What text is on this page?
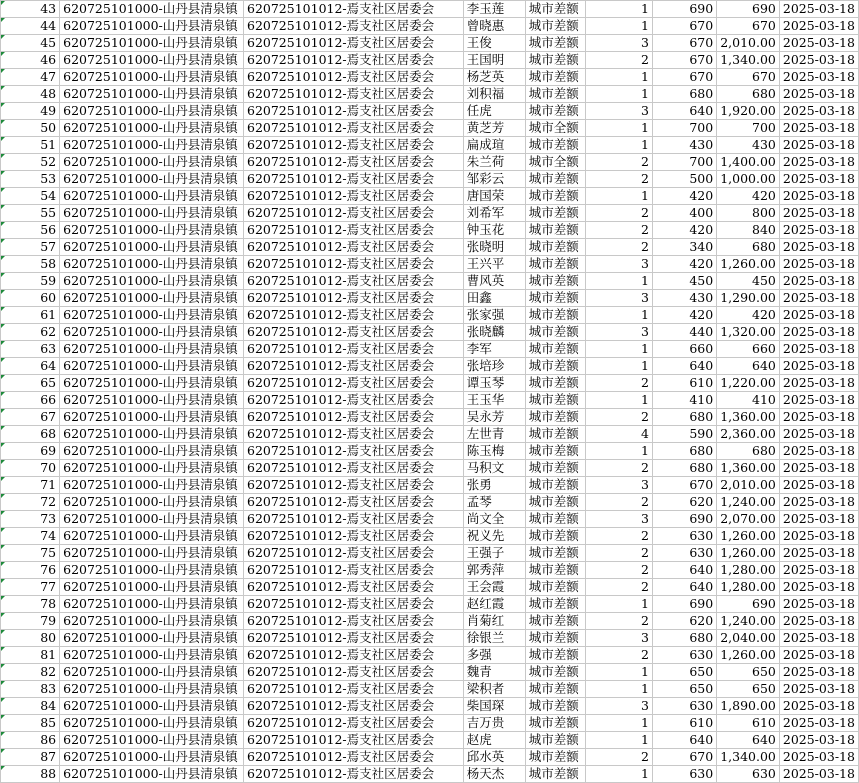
43	620725101000-山丹县清泉镇	620725101012-焉支社区居委会	李玉莲	城市差额	1	690	690	2025-03-18

44	620725101000-山丹县清泉镇	620725101012-焉支社区居委会	曾晓惠	城市差额	1	670	670	2025-03-18

45	620725101000-山丹县清泉镇	620725101012-焉支社区居委会	王俊	城市差额	3	670	2,010.00	2025-03-18

46	620725101000-山丹县清泉镇	620725101012-焉支社区居委会	王国明	城市差额	2	670	1,340.00	2025-03-18

47	620725101000-山丹县清泉镇	620725101012-焉支社区居委会	杨芝英	城市差额	1	670	670	2025-03-18

48	620725101000-山丹县清泉镇	620725101012-焉支社区居委会	刘积福	城市差额	1	680	680	2025-03-18

49	620725101000-山丹县清泉镇	620725101012-焉支社区居委会	任虎	城市差额	3	640	1,920.00	2025-03-18

50	620725101000-山丹县清泉镇	620725101012-焉支社区居委会	黄芝芳	城市全额	1	700	700	2025-03-18

51	620725101000-山丹县清泉镇	620725101012-焉支社区居委会	扁成瑄	城市差额	1	430	430	2025-03-18

52	620725101000-山丹县清泉镇	620725101012-焉支社区居委会	朱兰荷	城市全额	2	700	1,400.00	2025-03-18

53	620725101000-山丹县清泉镇	620725101012-焉支社区居委会	邹彩云	城市差额	2	500	1,000.00	2025-03-18

54	620725101000-山丹县清泉镇	620725101012-焉支社区居委会	唐国荣	城市差额	1	420	420	2025-03-18

55	620725101000-山丹县清泉镇	620725101012-焉支社区居委会	刘希军	城市差额	2	400	800	2025-03-18

56	620725101000-山丹县清泉镇	620725101012-焉支社区居委会	钟玉花	城市差额	2	420	840	2025-03-18

57	620725101000-山丹县清泉镇	620725101012-焉支社区居委会	张晓明	城市差额	2	340	680	2025-03-18

58	620725101000-山丹县清泉镇	620725101012-焉支社区居委会	王兴平	城市差额	3	420	1,260.00	2025-03-18

59	620725101000-山丹县清泉镇	620725101012-焉支社区居委会	曹风英	城市差额	1	450	450	2025-03-18

60	620725101000-山丹县清泉镇	620725101012-焉支社区居委会	田鑫	城市差额	3	430	1,290.00	2025-03-18

61	620725101000-山丹县清泉镇	620725101012-焉支社区居委会	张家强	城市差额	1	420	420	2025-03-18

62	620725101000-山丹县清泉镇	620725101012-焉支社区居委会	张晓麟	城市差额	3	440	1,320.00	2025-03-18

63	620725101000-山丹县清泉镇	620725101012-焉支社区居委会	李军	城市差额	1	660	660	2025-03-18

64	620725101000-山丹县清泉镇	620725101012-焉支社区居委会	张培珍	城市差额	1	640	640	2025-03-18

65	620725101000-山丹县清泉镇	620725101012-焉支社区居委会	谭玉琴	城市差额	2	610	1,220.00	2025-03-18

66	620725101000-山丹县清泉镇	620725101012-焉支社区居委会	王玉华	城市差额	1	410	410	2025-03-18

67	620725101000-山丹县清泉镇	620725101012-焉支社区居委会	吴永芳	城市差额	2	680	1,360.00	2025-03-18

68	620725101000-山丹县清泉镇	620725101012-焉支社区居委会	左世青	城市差额	4	590	2,360.00	2025-03-18

69	620725101000-山丹县清泉镇	620725101012-焉支社区居委会	陈玉梅	城市差额	1	680	680	2025-03-18

70	620725101000-山丹县清泉镇	620725101012-焉支社区居委会	马积文	城市差额	2	680	1,360.00	2025-03-18

71	620725101000-山丹县清泉镇	620725101012-焉支社区居委会	张勇	城市差额	3	670	2,010.00	2025-03-18

72	620725101000-山丹县清泉镇	620725101012-焉支社区居委会	孟琴	城市差额	2	620	1,240.00	2025-03-18

73	620725101000-山丹县清泉镇	620725101012-焉支社区居委会	尚文全	城市差额	3	690	2,070.00	2025-03-18

74	620725101000-山丹县清泉镇	620725101012-焉支社区居委会	祝义先	城市差额	2	630	1,260.00	2025-03-18

75	620725101000-山丹县清泉镇	620725101012-焉支社区居委会	王强子	城市差额	2	630	1,260.00	2025-03-18

76	620725101000-山丹县清泉镇	620725101012-焉支社区居委会	郭秀萍	城市差额	2	640	1,280.00	2025-03-18

77	620725101000-山丹县清泉镇	620725101012-焉支社区居委会	王会霞	城市差额	2	640	1,280.00	2025-03-18

78	620725101000-山丹县清泉镇	620725101012-焉支社区居委会	赵红霞	城市差额	1	690	690	2025-03-18

79	620725101000-山丹县清泉镇	620725101012-焉支社区居委会	肖菊红	城市差额	2	620	1,240.00	2025-03-18

80	620725101000-山丹县清泉镇	620725101012-焉支社区居委会	徐银兰	城市差额	3	680	2,040.00	2025-03-18

81	620725101000-山丹县清泉镇	620725101012-焉支社区居委会	多强	城市差额	2	630	1,260.00	2025-03-18

82	620725101000-山丹县清泉镇	620725101012-焉支社区居委会	魏青	城市差额	1	650	650	2025-03-18

83	620725101000-山丹县清泉镇	620725101012-焉支社区居委会	梁积者	城市差额	1	650	650	2025-03-18

84	620725101000-山丹县清泉镇	620725101012-焉支社区居委会	柴国琛	城市差额	3	630	1,890.00	2025-03-18

85	620725101000-山丹县清泉镇	620725101012-焉支社区居委会	吉万贵	城市差额	1	610	610	2025-03-18

86	620725101000-山丹县清泉镇	620725101012-焉支社区居委会	赵虎	城市差额	1	640	640	2025-03-18

87	620725101000-山丹县清泉镇	620725101012-焉支社区居委会	邱水英	城市差额	2	670	1,340.00	2025-03-18

88	620725101000-山丹县清泉镇	620725101012-焉支社区居委会	杨天杰	城市差额	1	630	630	2025-03-18
